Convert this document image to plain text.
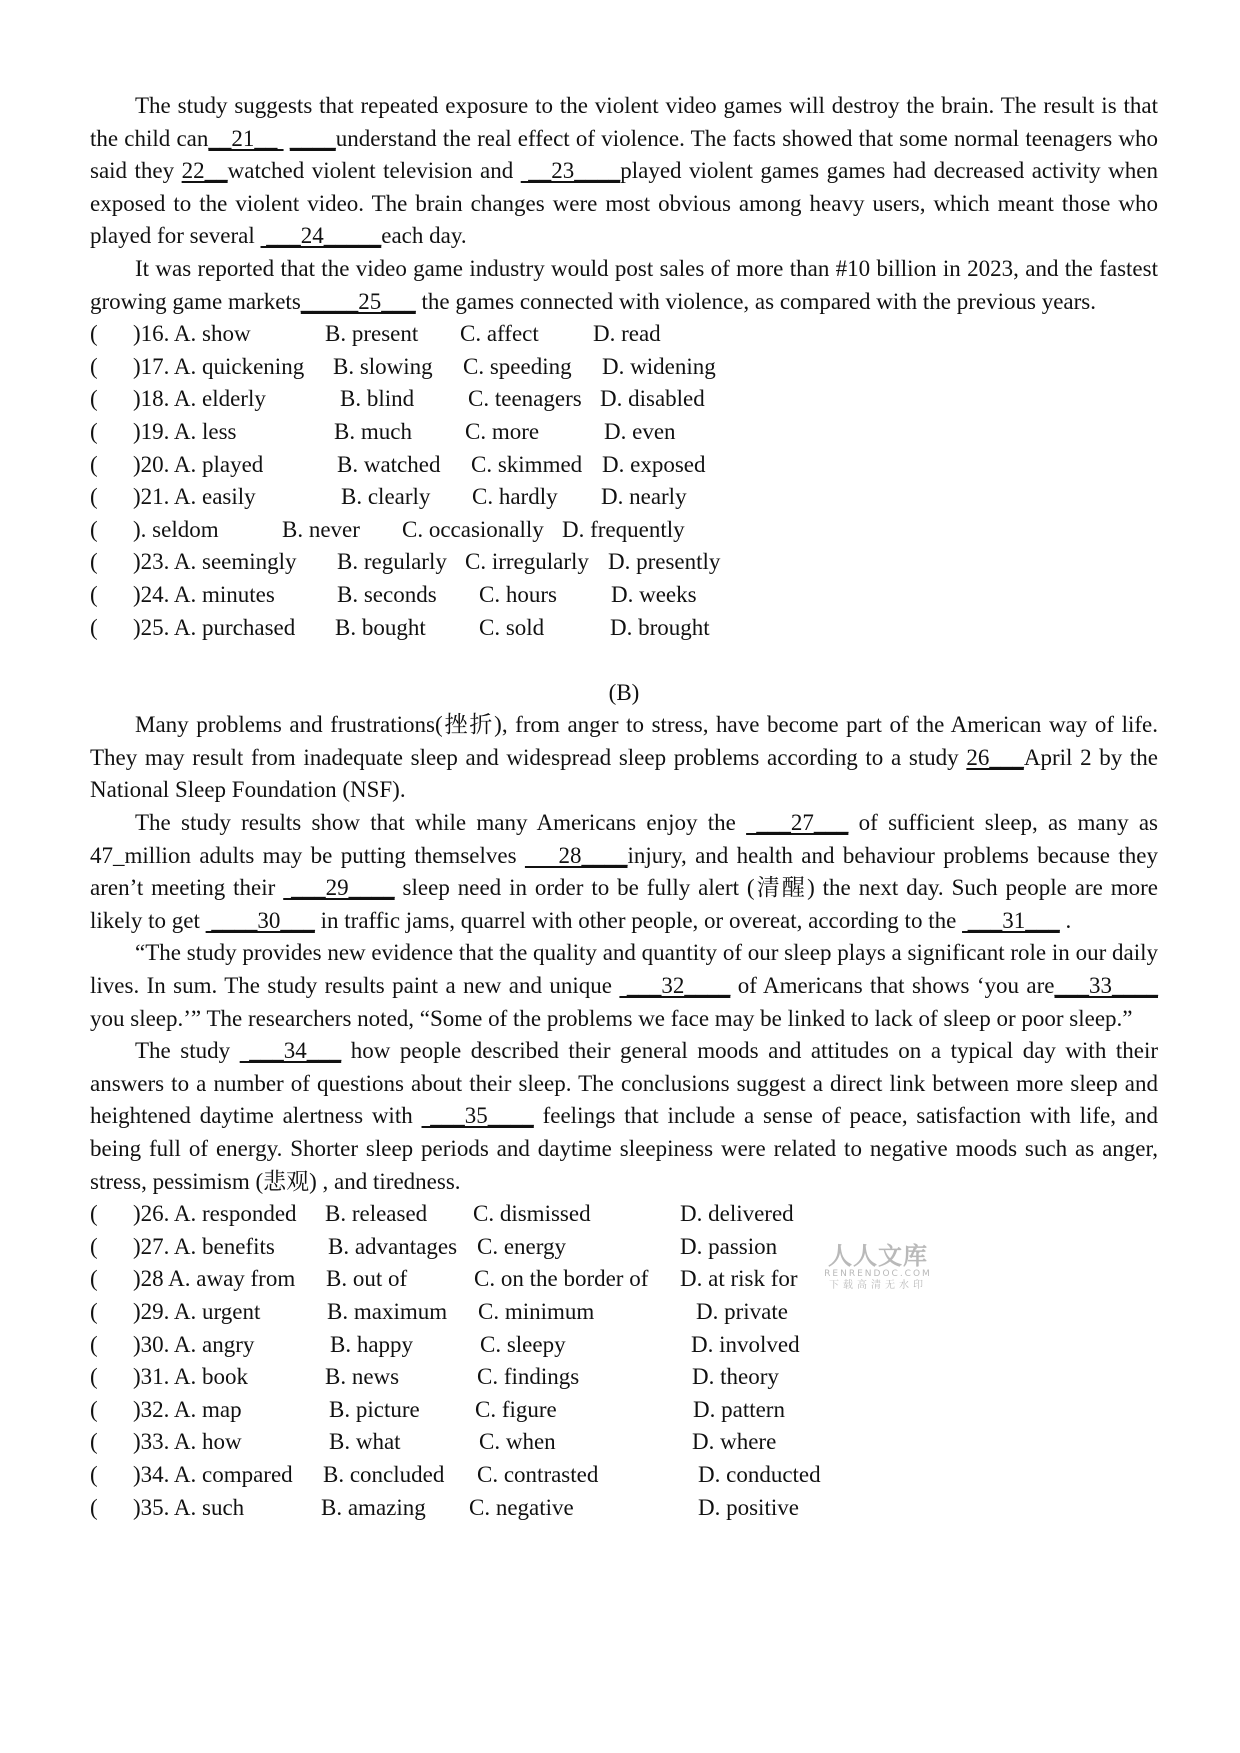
The study suggests that repeated exposure to the violent video games will destroy the brain. The result is that the child can__21__  ____understand the real effect of violence. The facts showed that some normal teenagers who said they 22__watched violent television and  __23____played violent games games had decreased activity when exposed to the violent video. The brain changes were most obvious among heavy users, which meant those who played for several  ___24_____each day.

It was reported that the video game industry would post sales of more than #10 billion in 2023, and the fastest growing game markets_____25___ the games connected with violence, as compared with the previous years.

( )16. A. show	B. present C. affect D. read
( )17. A. quickening B. slowing C. speeding D. widening
( )18. A. elderly	B. blind C. teenagers D. disabled
( )19. A. less	B. much C. more	D. even
( )20. A. played	B. watched C. skimmed D. exposed
( )21. A. easily	B. clearly C. hardly D. nearly
( ). seldom	B. never C. occasionally D. frequently
( )23. A. seemingly B. regularly C. irregularly D. presently
( )24. A. minutes	B. seconds C. hours D. weeks
( )25. A. purchased B. bought C. sold	D. brought

(B)

Many problems and frustrations(挫折), from anger to stress, have become part of the American way of life. They may result from inadequate sleep and widespread sleep problems according to a study 26___April 2 by the National Sleep Foundation (NSF).

The study results show that while many Americans enjoy the  ___27___ of sufficient sleep, as many as 47_million adults may be putting themselves     28____injury, and health and behaviour problems because they aren’t meeting their  ___29____ sleep need in order to be fully alert (清醒) the next day. Such people are more likely to get  ____30___ in traffic jams, quarrel with other people, or overeat, according to the  ___31___ .

“The study provides new evidence that the quality and quantity of our sleep plays a significant role in our daily lives. In sum. The study results paint a new and unique  ___32____ of Americans that shows ‘you are___33____ you sleep.’” The researchers noted, “Some of the problems we face may be linked to lack of sleep or poor sleep.”

The study  ___34___ how people described their general moods and attitudes on a typical day with their answers to a number of questions about their sleep. The conclusions suggest a direct link between more sleep and heightened daytime alertness with  ___35____ feelings that include a sense of peace, satisfaction with life, and being full of energy. Shorter sleep periods and daytime sleepiness were related to negative moods such as anger, stress, pessimism (悲观) , and tiredness.

( )26. A. responded B. released C. dismissed	D. delivered
( )27. A. benefits B. advantages C. energy	D. passion
( )28 A. away from B. out of	C. on the border of D. at risk for
( )29. A. urgent	B. maximum C. minimum	D. private
( )30. A. angry	B. happy	C. sleepy	D. involved
( )31. A. book	B. news	C. findings	D. theory
( )32. A. map	B. picture C. figure	D. pattern
( )33. A. how	B. what	C. when	D. where
( )34. A. compared B. concluded C. contrasted	D. conducted
( )35. A. such	B. amazing C. negative	D. positive
人人文库
RENRENDOC.COM
下载高清无水印
